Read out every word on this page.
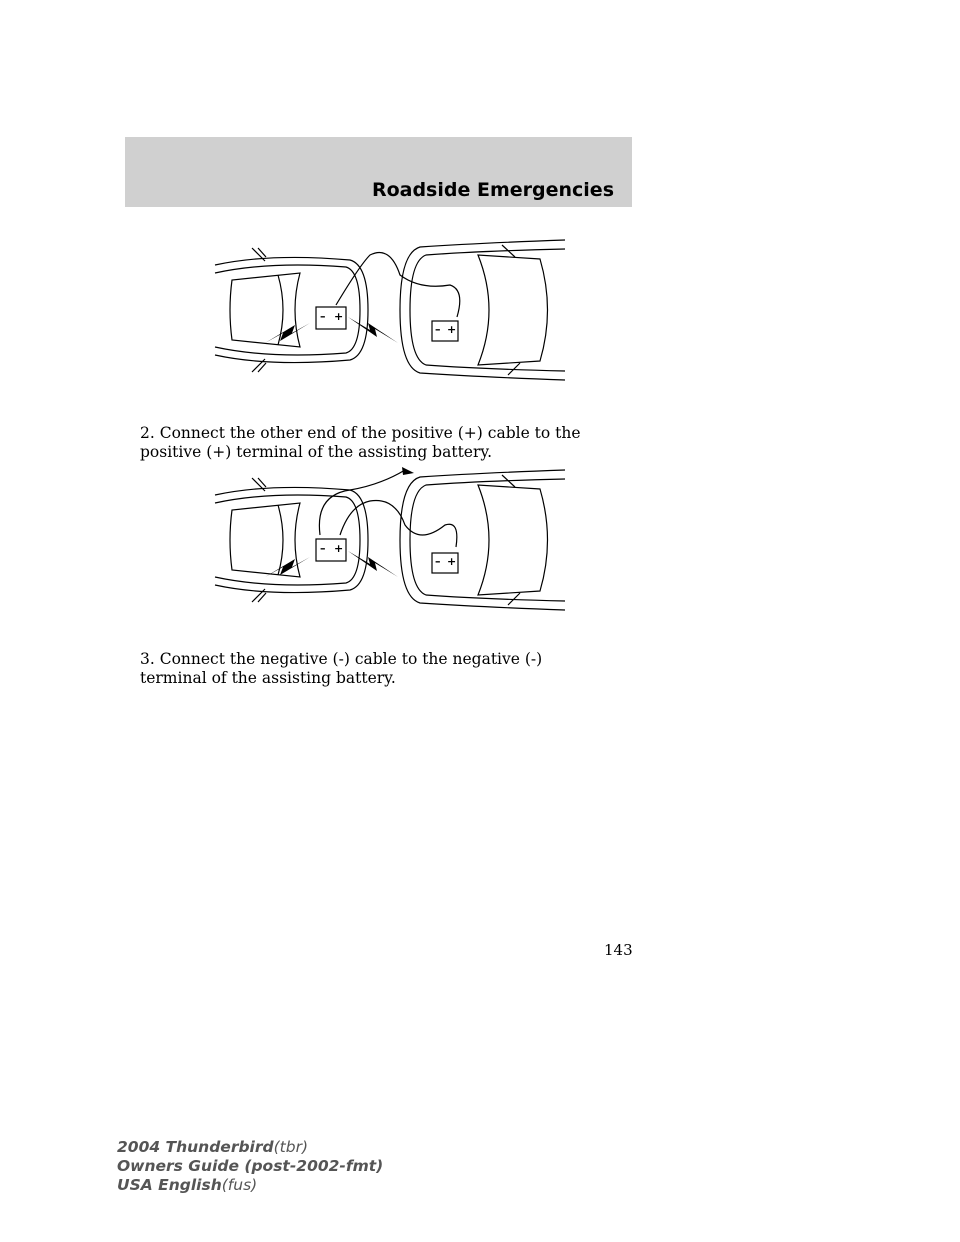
Roadside Emergencies
– +
– +

2. Connect the other end of the positive (+) cable to the positive (+) terminal of the assisting battery.

– +
– +

3. Connect the negative (-) cable to the negative (-) terminal of the assisting battery.

143
2004 Thunderbird(tbr)
Owners Guide (post-2002-fmt)
USA English(fus)
